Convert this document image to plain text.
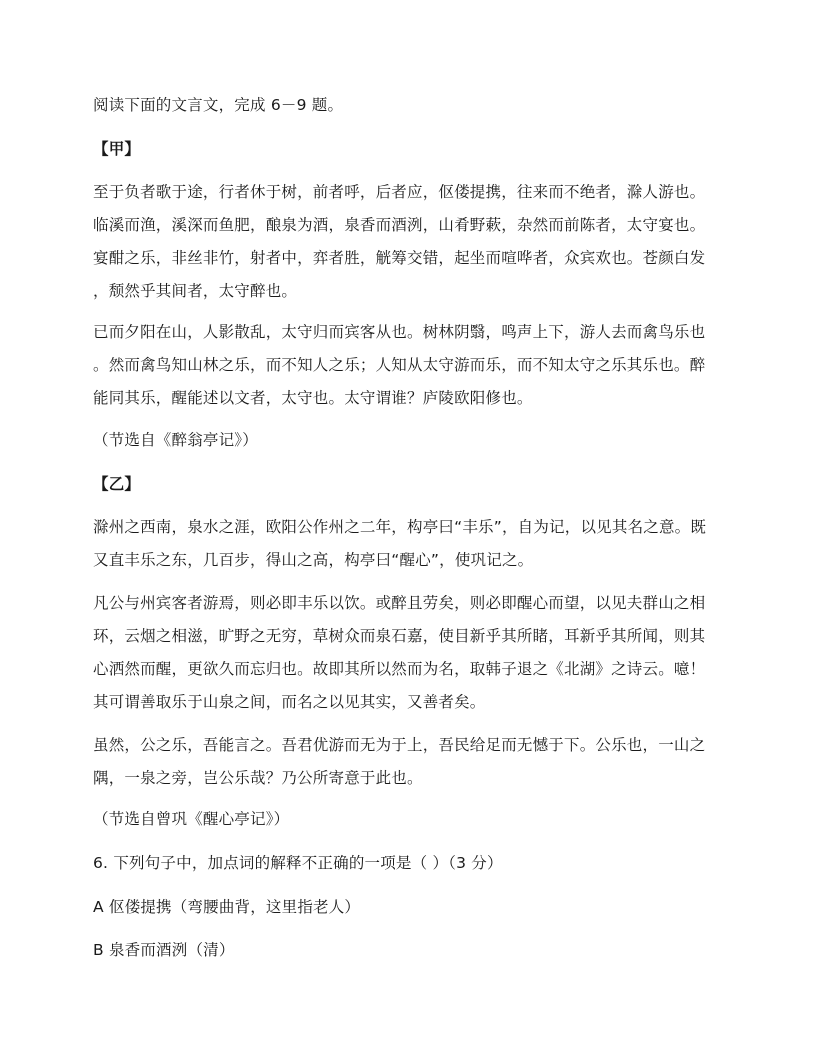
阅读下面的文言文，完成 6－9 题。
【甲】
至于负者歌于途，行者休于树，前者呼，后者应，伛偻提携，往来而不绝者，滁人游也。
临溪而渔，溪深而鱼肥，酿泉为酒，泉香而酒洌，山肴野蔌，杂然而前陈者，太守宴也。
宴酣之乐，非丝非竹，射者中，弈者胜，觥筹交错，起坐而喧哗者，众宾欢也。苍颜白发
，颓然乎其间者，太守醉也。
已而夕阳在山，人影散乱，太守归而宾客从也。树林阴翳，鸣声上下，游人去而禽鸟乐也
。然而禽鸟知山林之乐，而不知人之乐；人知从太守游而乐，而不知太守之乐其乐也。醉
能同其乐，醒能述以文者，太守也。太守谓谁？庐陵欧阳修也。
（节选自《醉翁亭记》）
【乙】
滁州之西南，泉水之涯，欧阳公作州之二年，构亭曰“丰乐”，自为记，以见其名之意。既
又直丰乐之东，几百步，得山之高，构亭曰“醒心”，使巩记之。
凡公与州宾客者游焉，则必即丰乐以饮。或醉且劳矣，则必即醒心而望，以见夫群山之相
环，云烟之相滋，旷野之无穷，草树众而泉石嘉，使目新乎其所睹，耳新乎其所闻，则其
心洒然而醒，更欲久而忘归也。故即其所以然而为名，取韩子退之《北湖》之诗云。噫！
其可谓善取乐于山泉之间，而名之以见其实，又善者矣。
虽然，公之乐，吾能言之。吾君优游而无为于上，吾民给足而无憾于下。公乐也，一山之
隅，一泉之旁，岂公乐哉？乃公所寄意于此也。
（节选自曾巩《醒心亭记》）
6. 下列句子中，加点词的解释不正确的一项是（ ）（3 分）
A 伛偻提携（弯腰曲背，这里指老人）
B 泉香而酒洌（清）
